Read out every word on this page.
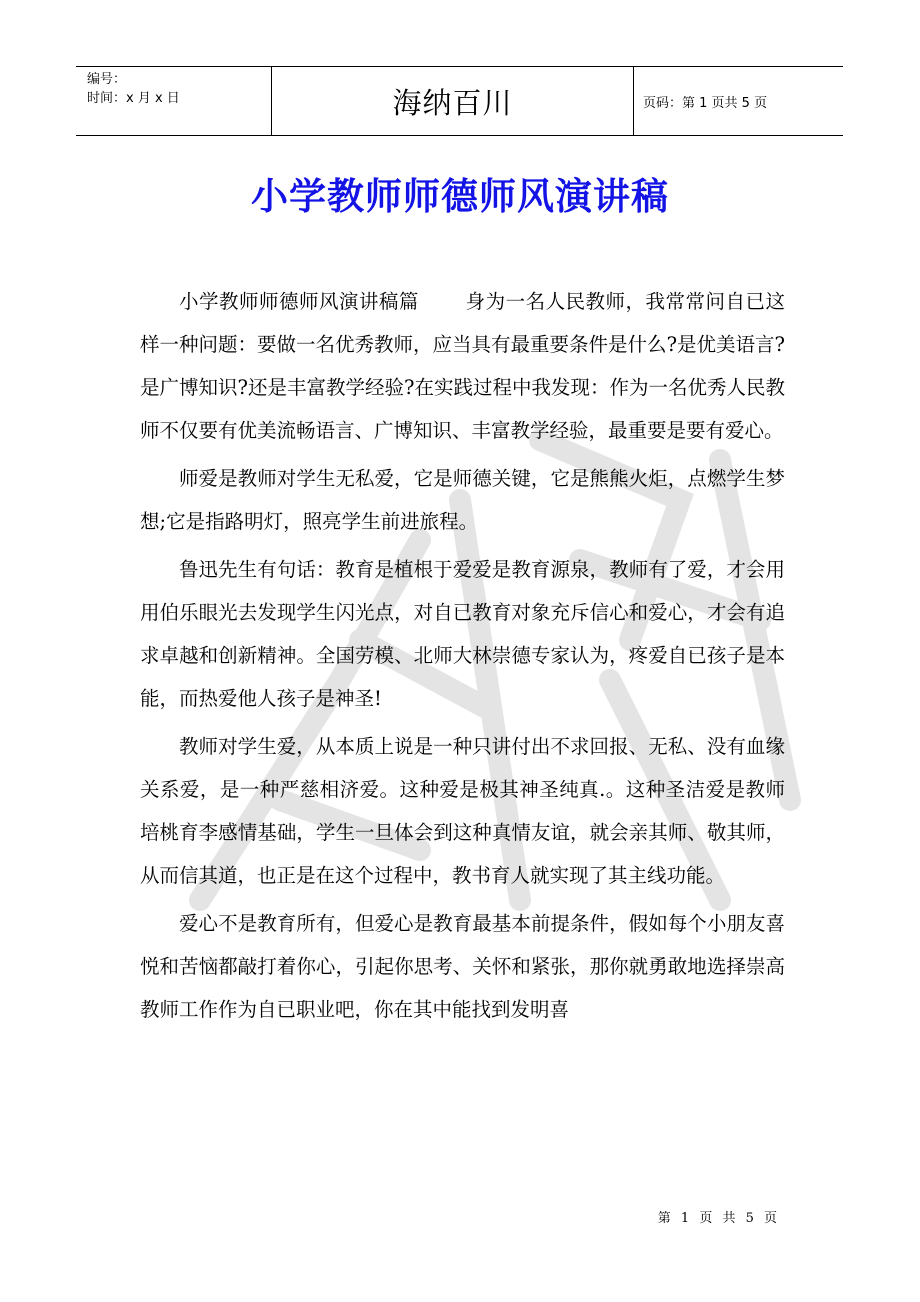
编号：
时间：x 月 x 日	海纳百川	页码：第 1 页共 5 页
小学教师师德师风演讲稿

小学教师师德师风演讲稿篇 　　身为一名人民教师，我常常问自已这样一种问题：要做一名优秀教师，应当具有最重要条件是什么?是优美语言?是广博知识?还是丰富教学经验?在实践过程中我发现：作为一名优秀人民教师不仅要有优美流畅语言、广博知识、丰富教学经验，最重要是要有爱心。

师爱是教师对学生无私爱，它是师德关键，它是熊熊火炬，点燃学生梦想;它是指路明灯，照亮学生前进旅程。

鲁迅先生有句话：教育是植根于爱爱是教育源泉，教师有了爱，才会用用伯乐眼光去发现学生闪光点，对自已教育对象充斥信心和爱心，才会有追求卓越和创新精神。全国劳模、北师大林崇德专家认为，疼爱自已孩子是本能，而热爱他人孩子是神圣!

教师对学生爱，从本质上说是一种只讲付出不求回报、无私、没有血缘关系爱，是一种严慈相济爱。这种爱是极其神圣纯真.。这种圣洁爱是教师培桃育李感情基础，学生一旦体会到这种真情友谊，就会亲其师、敬其师，从而信其道，也正是在这个过程中，教书育人就实现了其主线功能。

爱心不是教育所有，但爱心是教育最基本前提条件，假如每个小朋友喜悦和苦恼都敲打着你心，引起你思考、关怀和紧张，那你就勇敢地选择崇高教师工作作为自已职业吧，你在其中能找到发明喜

第 1 页 共 5 页
